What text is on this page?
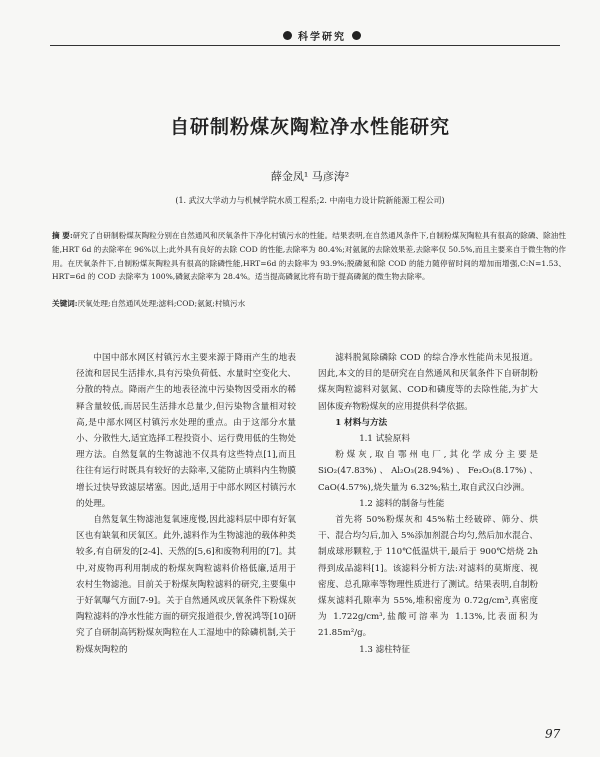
科学研究
自研制粉煤灰陶粒净水性能研究
薛金凤¹ 马彦涛²
(1. 武汉大学动力与机械学院水质工程系;2. 中南电力设计院新能源工程公司)
摘 要:研究了自研制粉煤灰陶粒分别在自然通风和厌氧条件下净化村镇污水的性能。结果表明,在自然通风条件下,自制粉煤灰陶粒具有很高的除磷、除油性能,HRT 6d 的去除率在 96%以上;此外具有良好的去除 COD 的性能,去除率为 80.4%;对氨氮的去除效果差,去除率仅 50.5%,而且主要来自于微生物的作用。在厌氧条件下,自制粉煤灰陶粒具有很高的除磷性能,HRT=6d 的去除率为 93.9%;脱磷氮和除 COD 的能力随停留时间的增加而增强,C:N=1.53、HRT=6d 的 COD 去除率为 100%,磷氮去除率为 28.4%。适当提高磷氮比将有助于提高磷氮的微生物去除率。
关键词:厌氧处理;自然通风处理;滤料;COD;氨氮;村镇污水

中国中部水网区村镇污水主要来源于降雨产生的地表径流和居民生活排水,具有污染负荷低、水量时空变化大、分散的特点。降雨产生的地表径流中污染物因受雨水的稀释含量较低,而居民生活排水总量少,但污染物含量相对较高,是中部水网区村镇污水处理的重点。由于这部分水量小、分散性大,适宜选择工程投资小、运行费用低的生物处理方法。自然复氧的生物滤池不仅具有这些特点[1],而且往往有运行时既具有较好的去除率,又能防止填料内生物膜增长过快导致滤层堵塞。因此,适用于中部水网区村镇污水的处理。

自然复氧生物滤池复氧速度慢,因此滤料层中即有好氧区也有缺氧和厌氧区。此外,滤料作为生物滤池的载体种类较多,有自研发的[2-4]、天然的[5,6]和废物利用的[7]。其中,对废物再利用制成的粉煤灰陶粒滤料价格低廉,适用于农村生物滤池。目前关于粉煤灰陶粒滤料的研究,主要集中于好氧曝气方面[7-9]。关于自然通风或厌氧条件下粉煤灰陶粒滤料的净水性能方面的研究报道很少,曾祝鸿等[10]研究了自研制高钙粉煤灰陶粒在人工湿地中的除磷机制,关于粉煤灰陶粒的

滤料脱氮除磷除 COD 的综合净水性能尚未见报道。因此,本文的目的是研究在自然通风和厌氧条件下自研制粉煤灰陶粒滤料对氨氮、COD和磷度等的去除性能,为扩大固体废弃物粉煤灰的应用提供科学依据。

1 材料与方法

1.1 试验原料

粉煤灰,取自鄂州电厂,其化学成分主要是 SiO₂(47.83%)、Al₂O₃(28.94%)、Fe₂O₃(8.17%)、CaO(4.57%),烧失量为 6.32%;粘土,取自武汉白沙洲。

1.2 滤料的制备与性能

首先将 50%粉煤灰和 45%粘土经破碎、筛分、烘干、混合均匀后,加入 5%添加剂混合均匀,然后加水混合、制成球形颗粒,于 110℃低温烘干,最后于 900℃焙烧 2h 得到成品滤料[1]。该滤料分析方法:对滤料的莫斯度、视密度、总孔隙率等物理性质进行了测试。结果表明,自制粉煤灰滤料孔隙率为 55%,堆积密度为 0.72g/cm³,真密度为 1.722g/cm³,盐酸可溶率为 1.13%,比表面积为 21.85m²/g。

1.3 滤柱特征

97
